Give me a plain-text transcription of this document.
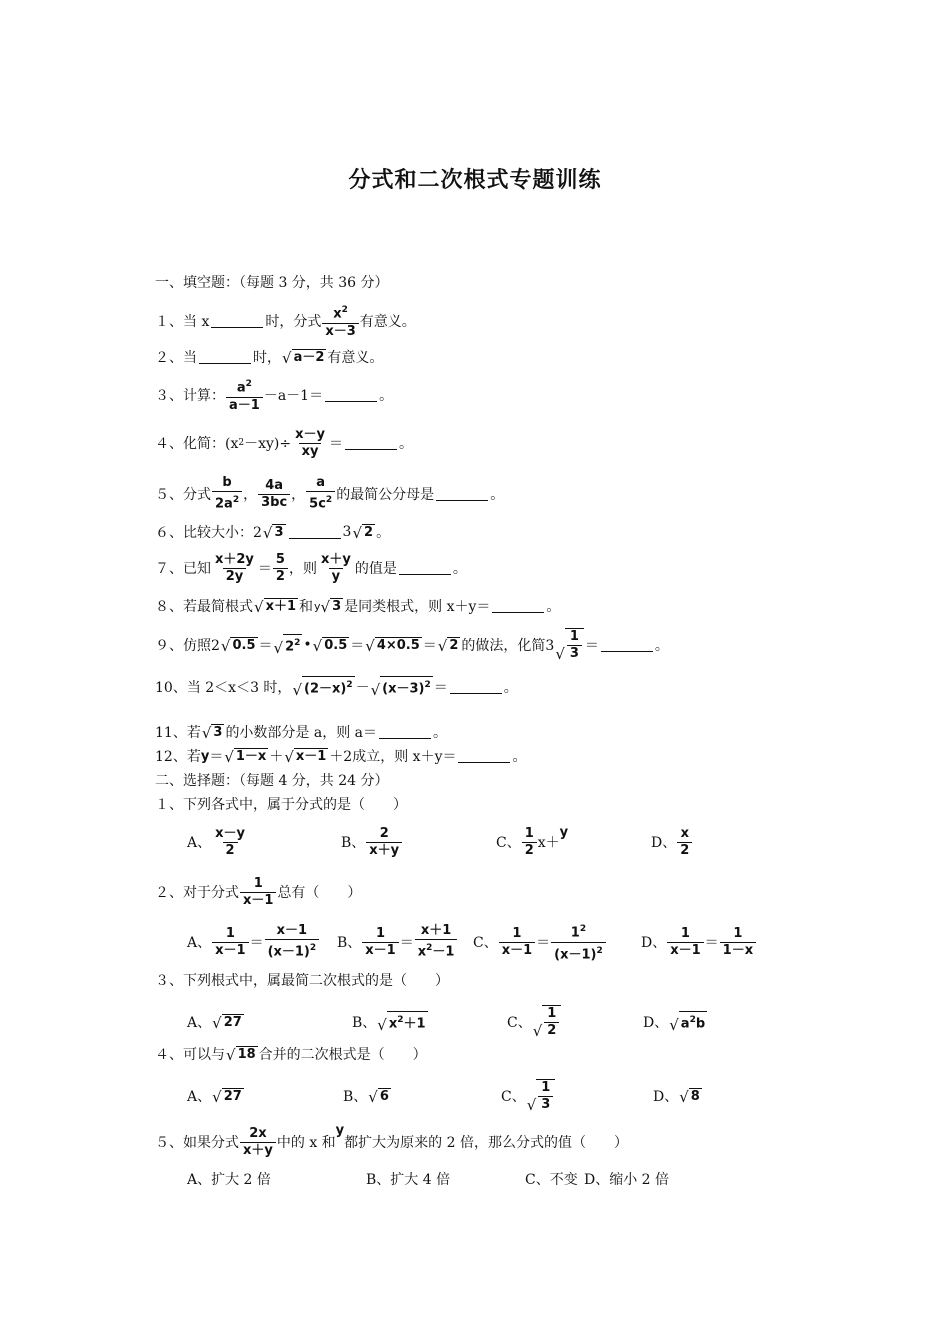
分式和二次根式专题训练
一、填空题：（每题 3 分，共 36 分）
１、当 x	时，分式 $\frac{x^2}{x-3}$ 有意义。
２、当	时， √ a－2 有意义。
３、计算： $\frac{a^2}{a-1} -a-1=$	。
４、化简：(x $2 -xy)\div \frac{x-y}{xy}$ ＝	。
５、分式 $\frac{b}{2a^2}$ ， $\frac{4a}{3bc}$ ， $\frac{a}{5c^2}$ 的最简公分母是	。
６、比较大小：2 √ 3	3 √ 2 。
７、已知 $\frac{x+2y}{2y} = \frac{5}{2}$ ，则 $\frac{x+y}{y}$ 的值是	。
８、若最简根式 √ x＋1 和 y √ 3 是同类根式，则 x＋y＝	。
９、仿照2 √ 0.5 ＝ √ $2^2$ • √ 0.5 ＝ √ 4×0.5 ＝ √ 2 的做法，化简3 √ $\frac{1}{3}$ ＝	。
10、当 2＜x＜3 时， √ $(2-x)^2$ － √ $(x-3)^2$ ＝	。
11、若 √ 3 的小数部分是 a，则 a＝	。
12、若 y ＝ √ 1－x ＋ √ x－1 ＋2成立，则 x＋y＝	。
二、选择题：（每题 4 分，共 24 分）
１、下列各式中，属于分式的是（　　）
A、 $\frac{x-y}{2}$	B、 $\frac{2}{x+y}$	C、 $\frac{1}{2} x+$
y
D、 $\frac{x}{2}$
２、对于分式 $\frac{1}{x-1}$ 总有（　　）
A、 $\frac{1}{x-1} = \frac{x-1}{(x-1)^2}$ B、 $\frac{1}{x-1} = \frac{x+1}{x^2-1}$ C、 $\frac{1}{x-1} = \frac{1^2}{(x-1)^2}$	D、 $\frac{1}{x-1} = \frac{1}{1-x}$
３、下列根式中，属最简二次根式的是（　　）
A、 √ 27	B、 √ $x^2+1$	C、 √ $\frac{1}{2}$	D、 √ $a^2b$
４、可以与 √ 18 合并的二次根式是（　　）
A、 √ 27	B、 √ 6	C、 √ $\frac{1}{3}$	D、 √ 8
５、如果分式 $\frac{2x}{x+y}$ 中的 x 和
y
都扩大为原来的 2 倍，那么分式的值（　　）
A、扩大 2 倍	B、扩大 4 倍	C、不变 D、缩小 2 倍
